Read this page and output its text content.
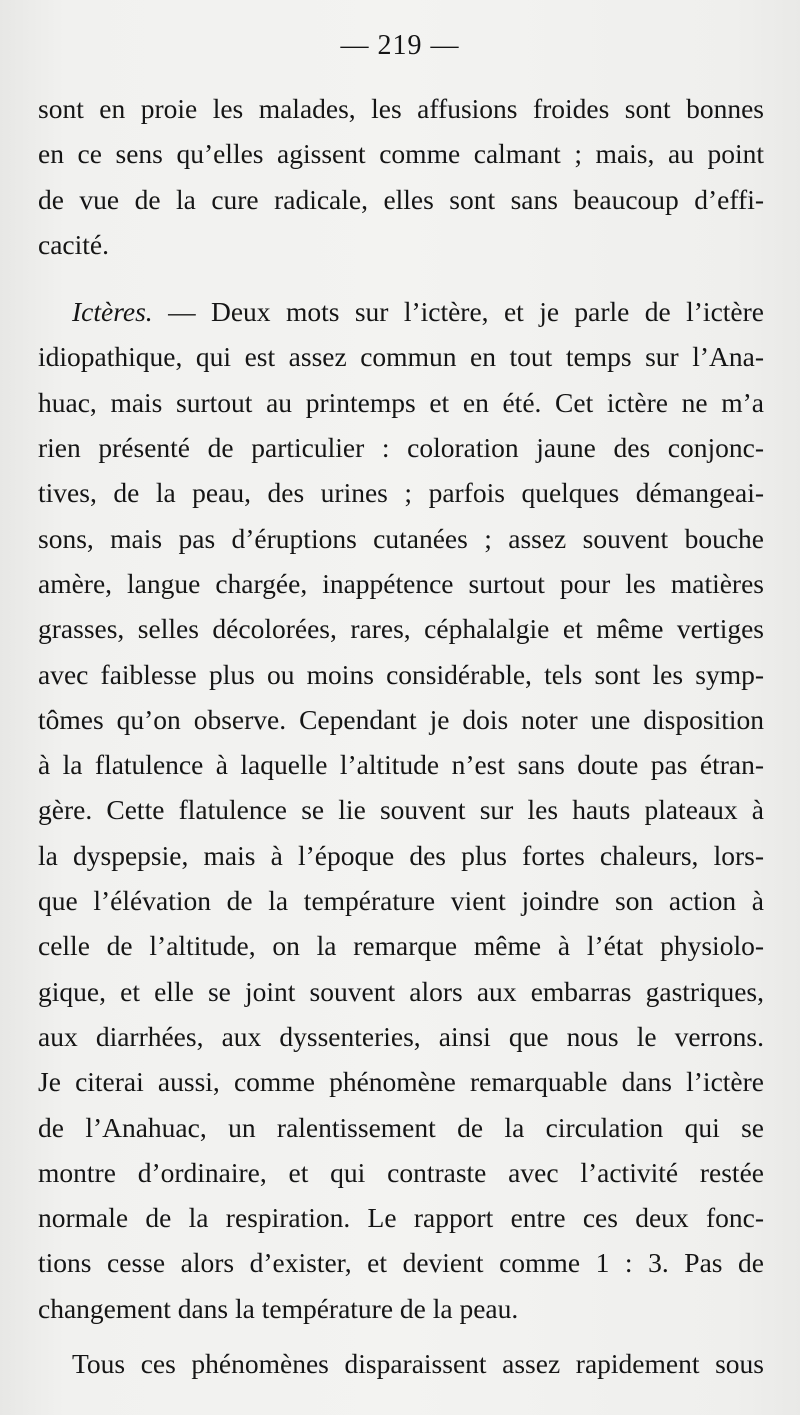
— 219 —
sont en proie les malades, les affusions froides sont bonnes
en ce sens qu’elles agissent comme calmant ; mais, au point
de vue de la cure radicale, elles sont sans beaucoup d’effi-
cacité.
Ictères. — Deux mots sur l’ictère, et je parle de l’ictère
idiopathique, qui est assez commun en tout temps sur l’Ana-
huac, mais surtout au printemps et en été. Cet ictère ne m’a
rien présenté de particulier : coloration jaune des conjonc-
tives, de la peau, des urines ; parfois quelques démangeai-
sons, mais pas d’éruptions cutanées ; assez souvent bouche
amère, langue chargée, inappétence surtout pour les matières
grasses, selles décolorées, rares, céphalalgie et même vertiges
avec faiblesse plus ou moins considérable, tels sont les symp-
tômes qu’on observe. Cependant je dois noter une disposition
à la flatulence à laquelle l’altitude n’est sans doute pas étran-
gère. Cette flatulence se lie souvent sur les hauts plateaux à
la dyspepsie, mais à l’époque des plus fortes chaleurs, lors-
que l’élévation de la température vient joindre son action à
celle de l’altitude, on la remarque même à l’état physiolo-
gique, et elle se joint souvent alors aux embarras gastriques,
aux diarrhées, aux dyssenteries, ainsi que nous le verrons.
Je citerai aussi, comme phénomène remarquable dans l’ictère
de l’Anahuac, un ralentissement de la circulation qui se
montre d’ordinaire, et qui contraste avec l’activité restée
normale de la respiration. Le rapport entre ces deux fonc-
tions cesse alors d’exister, et devient comme 1 : 3. Pas de
changement dans la température de la peau.
Tous ces phénomènes disparaissent assez rapidement sous
